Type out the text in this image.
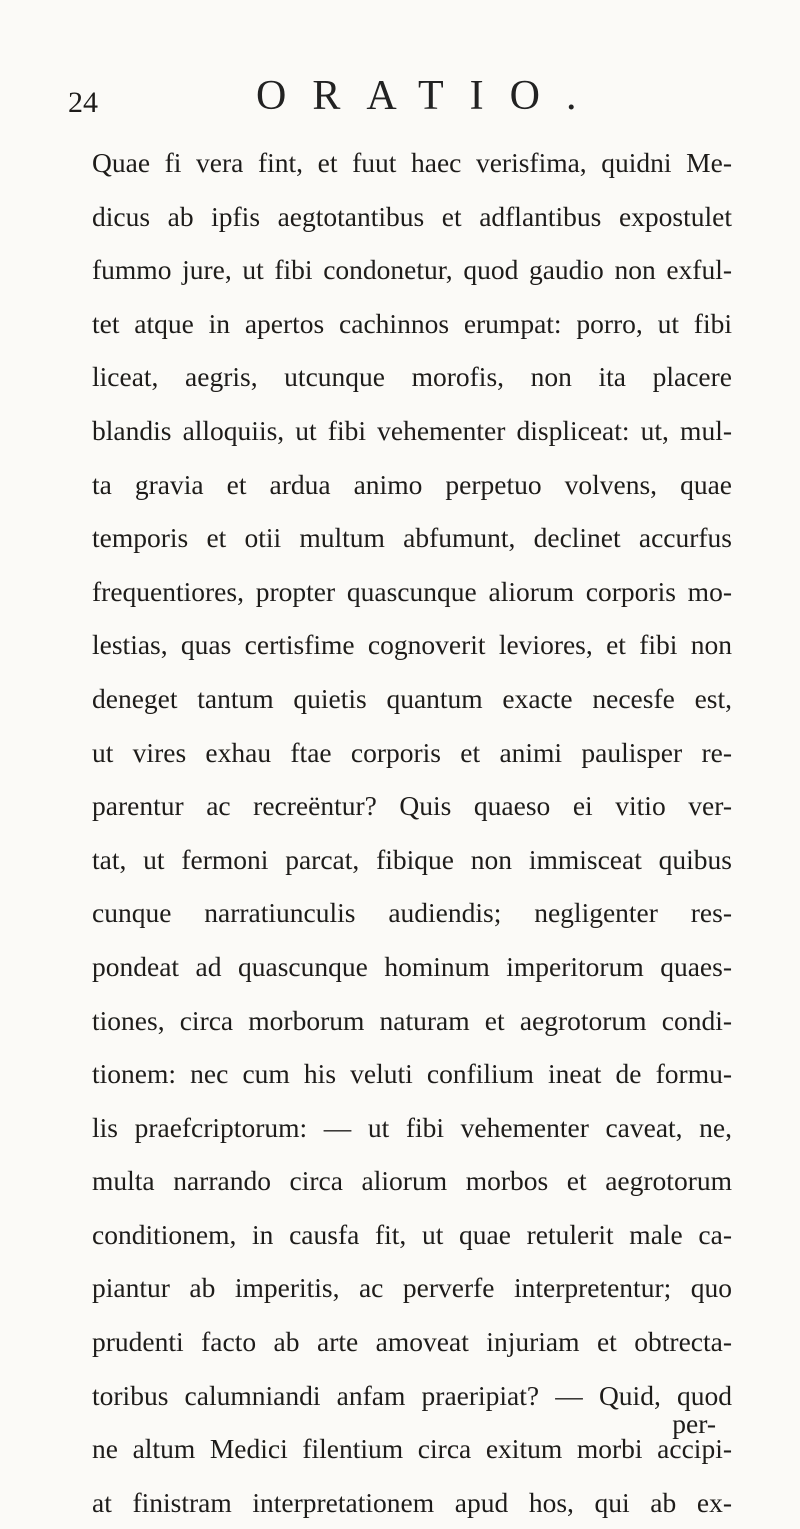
24	ORATIO.
Quae fi vera fint, et fuut haec verisfima, quidni Me-
dicus ab ipfis aegtotantibus et adflantibus expostulet
fummo jure, ut fibi condonetur, quod gaudio non exful-
tet atque in apertos cachinnos erumpat: porro, ut fibi
liceat, aegris, utcunque morofis, non ita placere
blandis alloquiis, ut fibi vehementer displiceat: ut, mul-
ta gravia et ardua animo perpetuo volvens, quae
temporis et otii multum abfumunt, declinet accurfus
frequentiores, propter quascunque aliorum corporis mo-
lestias, quas certisfime cognoverit leviores, et fibi non
deneget tantum quietis quantum exacte necesfe est,
ut vires exhau ftae corporis et animi paulisper re-
parentur ac recreëntur? Quis quaeso ei vitio ver-
tat, ut fermoni parcat, fibique non immisceat quibus
cunque narratiunculis audiendis; negligenter res-
pondeat ad quascunque hominum imperitorum quaes-
tiones, circa morborum naturam et aegrotorum condi-
tionem: nec cum his veluti confilium ineat de formu-
lis praefcriptorum: — ut fibi vehementer caveat, ne,
multa narrando circa aliorum morbos et aegrotorum
conditionem, in causfa fit, ut quae retulerit male ca-
piantur ab imperitis, ac perverfe interpretentur; quo
prudenti facto ab arte amoveat injuriam et obtrecta-
toribus calumniandi anfam praeripiat? — Quid, quod
ne altum Medici filentium circa exitum morbi accipi-
at finistram interpretationem apud hos, qui ab ex-
per-
